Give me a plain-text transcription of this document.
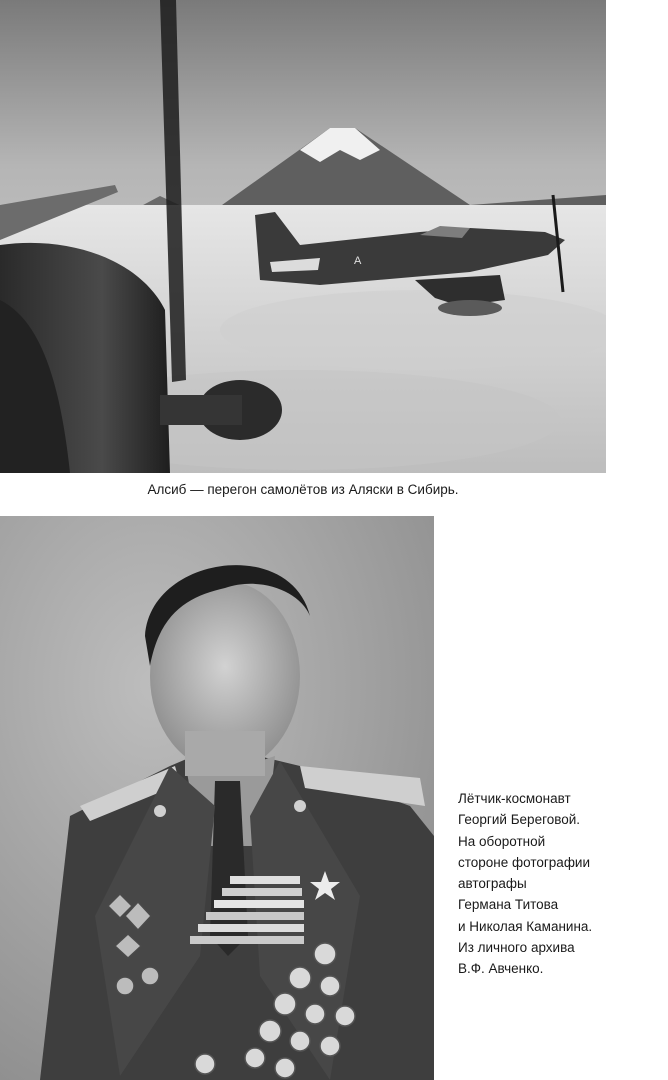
А
Алсиб — перегон самолётов из Аляски в Сибирь.
Лётчик-космонавт
Георгий Береговой.
На оборотной
стороне фотографии
автографы
Германа Титова
и Николая Каманина.
Из личного архива
В.Ф. Авченко.
